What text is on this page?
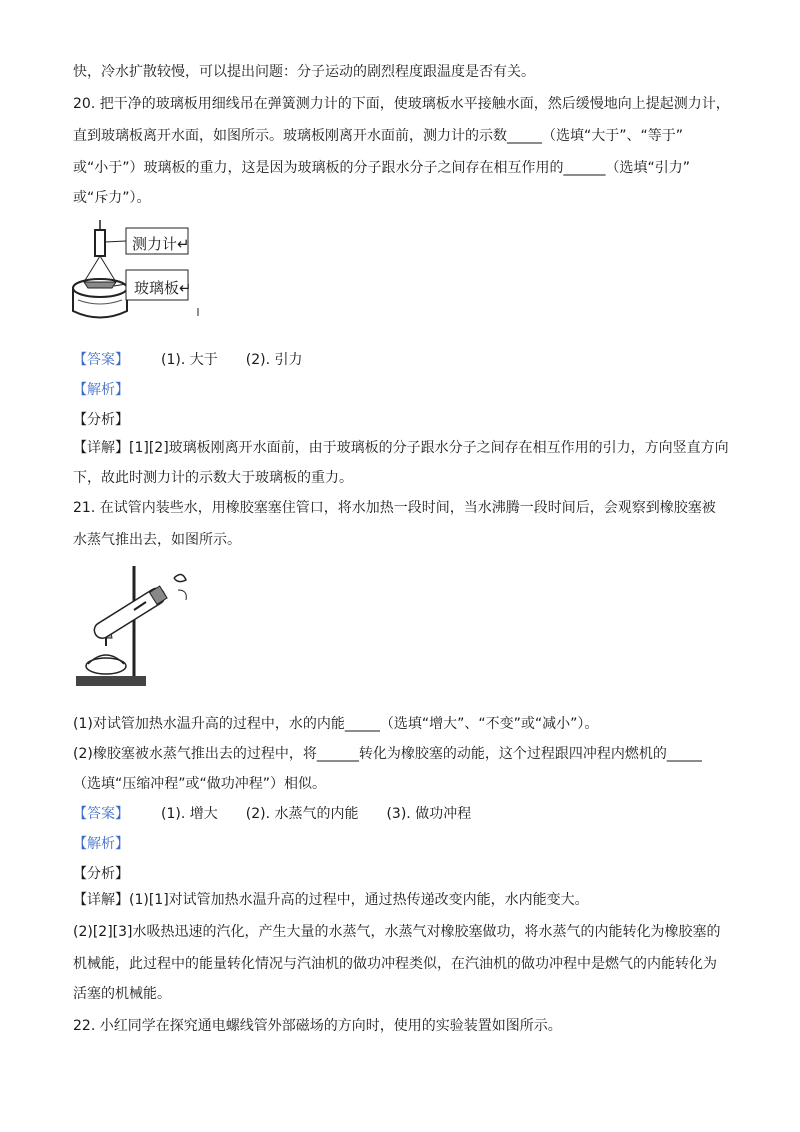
快，冷水扩散较慢，可以提出问题：分子运动的剧烈程度跟温度是否有关。
20. 把干净的玻璃板用细线吊在弹簧测力计的下面，使玻璃板水平接触水面，然后缓慢地向上提起测力计，
直到玻璃板离开水面，如图所示。玻璃板刚离开水面前，测力计的示数_____（选填“大于”、“等于”
或“小于”）玻璃板的重力，这是因为玻璃板的分子跟水分子之间存在相互作用的______（选填“引力”
或“斥力”）。
测力计↵
玻璃板↵
【答案】 (1). 大于 (2). 引力
【解析】
【分析】
【详解】[1][2]玻璃板刚离开水面前，由于玻璃板的分子跟水分子之间存在相互作用的引力，方向竖直方向
下，故此时测力计的示数大于玻璃板的重力。
21. 在试管内装些水，用橡胶塞塞住管口，将水加热一段时间，当水沸腾一段时间后，会观察到橡胶塞被
水蒸气推出去，如图所示。
(1)对试管加热水温升高的过程中，水的内能_____（选填“增大”、“不变”或“减小”）。
(2)橡胶塞被水蒸气推出去的过程中，将______转化为橡胶塞的动能，这个过程跟四冲程内燃机的_____
（选填“压缩冲程”或“做功冲程”）相似。
【答案】 (1). 增大 (2). 水蒸气的内能 (3). 做功冲程
【解析】
【分析】
【详解】(1)[1]对试管加热水温升高的过程中，通过热传递改变内能，水内能变大。
(2)[2][3]水吸热迅速的汽化，产生大量的水蒸气，水蒸气对橡胶塞做功，将水蒸气的内能转化为橡胶塞的
机械能，此过程中的能量转化情况与汽油机的做功冲程类似，在汽油机的做功冲程中是燃气的内能转化为
活塞的机械能。
22. 小红同学在探究通电螺线管外部磁场的方向时，使用的实验装置如图所示。
